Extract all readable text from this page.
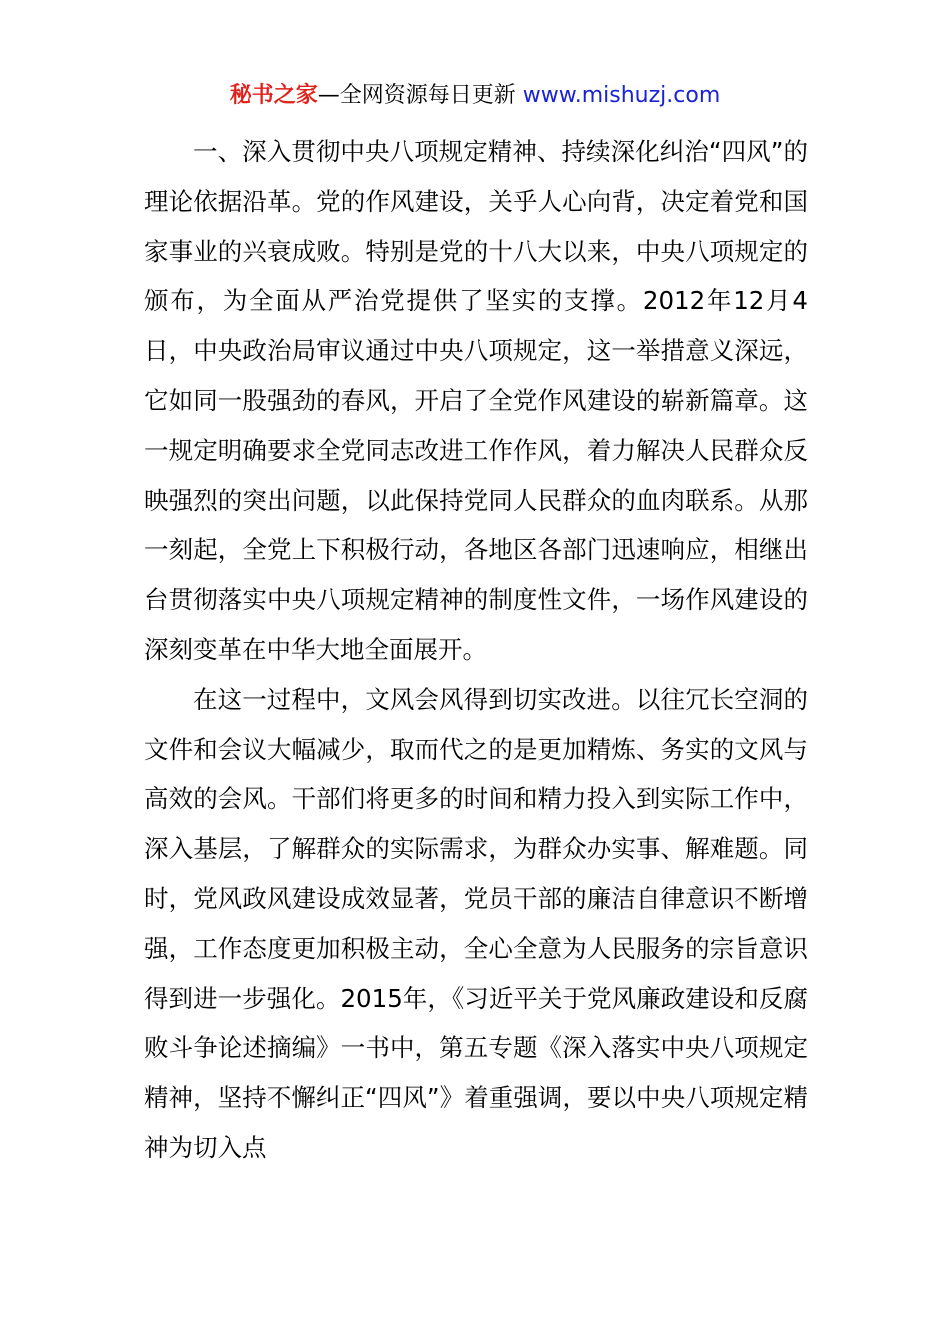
秘书之家—全网资源每日更新 www.mishuzj.com

一、深入贯彻中央八项规定精神、持续深化纠治“四风”的理论依据沿革。党的作风建设，关乎人心向背，决定着党和国家事业的兴衰成败。特别是党的十八大以来，中央八项规定的颁布，为全面从严治党提供了坚实的支撑。2012年12月4日，中央政治局审议通过中央八项规定，这一举措意义深远，它如同一股强劲的春风，开启了全党作风建设的崭新篇章。这一规定明确要求全党同志改进工作作风，着力解决人民群众反映强烈的突出问题，以此保持党同人民群众的血肉联系。从那一刻起，全党上下积极行动，各地区各部门迅速响应，相继出台贯彻落实中央八项规定精神的制度性文件，一场作风建设的深刻变革在中华大地全面展开。

在这一过程中，文风会风得到切实改进。以往冗长空洞的文件和会议大幅减少，取而代之的是更加精炼、务实的文风与高效的会风。干部们将更多的时间和精力投入到实际工作中，深入基层，了解群众的实际需求，为群众办实事、解难题。同时，党风政风建设成效显著，党员干部的廉洁自律意识不断增强，工作态度更加积极主动，全心全意为人民服务的宗旨意识得到进一步强化。2015年，《习近平关于党风廉政建设和反腐败斗争论述摘编》一书中，第五专题《深入落实中央八项规定精神，坚持不懈纠正“四风”》着重强调，要以中央八项规定精神为切入点
